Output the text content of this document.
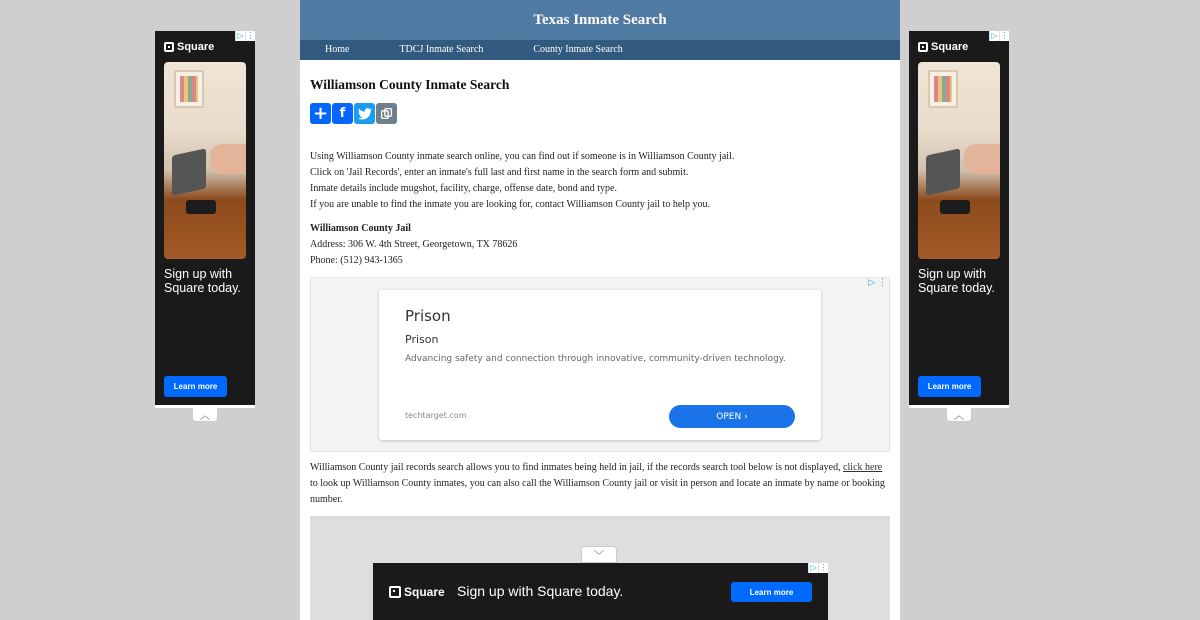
▷ ⋮
Square
Sign up with Square today.
Learn more
︿
▷ ⋮
Square
Sign up with Square today.
Learn more
︿
Texas Inmate Search
Home	TDCJ Inmate Search	County Inmate Search
Williamson County Inmate Search
+ f
Using Williamson County inmate search online, you can find out if someone is in Williamson County jail.
Click on 'Jail Records', enter an inmate's full last and first name in the search form and submit.
Inmate details include mugshot, facility, charge, offense date, bond and type.
If you are unable to find the inmate you are looking for, contact Williamson County jail to help you.
Williamson County Jail
Address: 306 W. 4th Street, Georgetown, TX 78626
Phone: (512) 943-1365
▷ ⋮
Prison
Prison
Advancing safety and connection through innovative, community-driven technology.
techtarget.com	OPEN ›
Williamson County jail records search allows you to find inmates being held in jail, if the records search tool below is not displayed, click here to look up Williamson County inmates, you can also call the Williamson County jail or visit in person and locate an inmate by name or booking number.
﹀
▷ ⋮
Square Sign up with Square today.	Learn more
